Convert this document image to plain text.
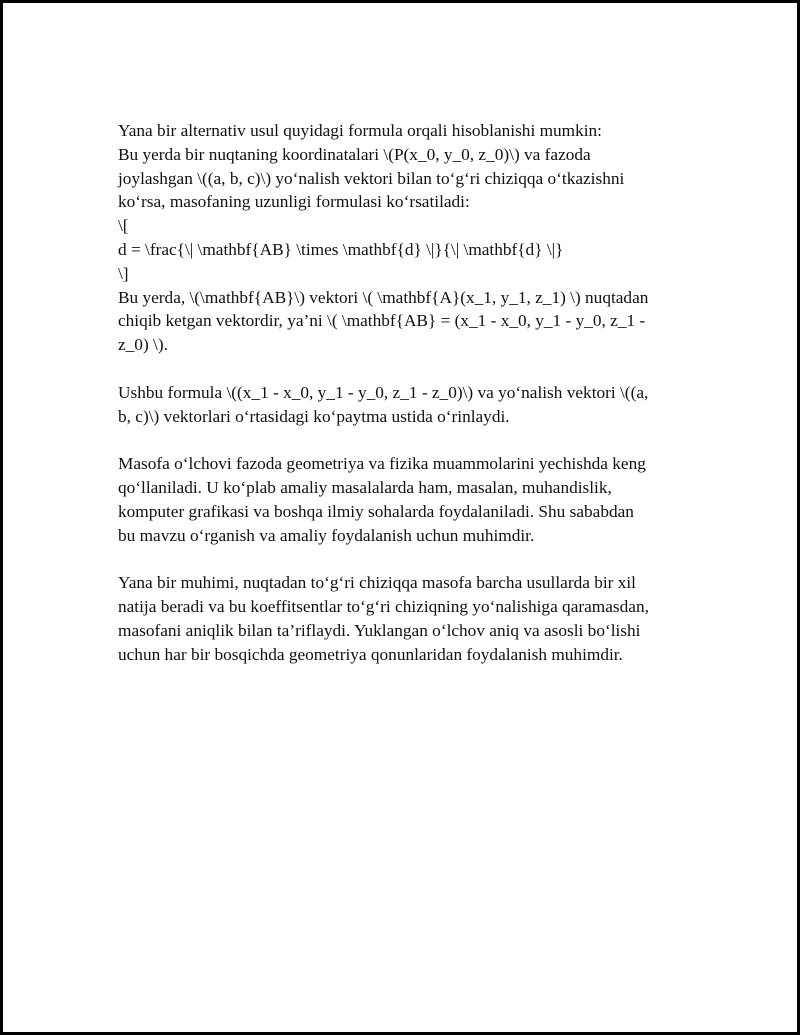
Yana bir alternativ usul quyidagi formula orqali hisoblanishi mumkin:
Bu yerda bir nuqtaning koordinatalari \(P(x_0, y_0, z_0)\) va fazoda
joylashgan \((a, b, c)\) yo‘nalish vektori bilan to‘g‘ri chiziqqa o‘tkazishni
ko‘rsa, masofaning uzunligi formulasi ko‘rsatiladi:
\[
d = \frac{\| \mathbf{AB} \times \mathbf{d} \|}{\| \mathbf{d} \|}
\]
Bu yerda, \(\mathbf{AB}\) vektori \( \mathbf{A}(x_1, y_1, z_1) \) nuqtadan
chiqib ketgan vektordir, ya’ni \( \mathbf{AB} = (x_1 - x_0, y_1 - y_0, z_1 -
z_0) \).
Ushbu formula \((x_1 - x_0, y_1 - y_0, z_1 - z_0)\) va yo‘nalish vektori \((a,
b, c)\) vektorlari o‘rtasidagi ko‘paytma ustida o‘rinlaydi.
Masofa o‘lchovi fazoda geometriya va fizika muammolarini yechishda keng
qo‘llaniladi. U ko‘plab amaliy masalalarda ham, masalan, muhandislik,
komputer grafikasi va boshqa ilmiy sohalarda foydalaniladi. Shu sababdan
bu mavzu o‘rganish va amaliy foydalanish uchun muhimdir.
Yana bir muhimi, nuqtadan to‘g‘ri chiziqqa masofa barcha usullarda bir xil
natija beradi va bu koeffitsentlar to‘g‘ri chiziqning yo‘nalishiga qaramasdan,
masofani aniqlik bilan ta’riflaydi. Yuklangan o‘lchov aniq va asosli bo‘lishi
uchun har bir bosqichda geometriya qonunlaridan foydalanish muhimdir.
